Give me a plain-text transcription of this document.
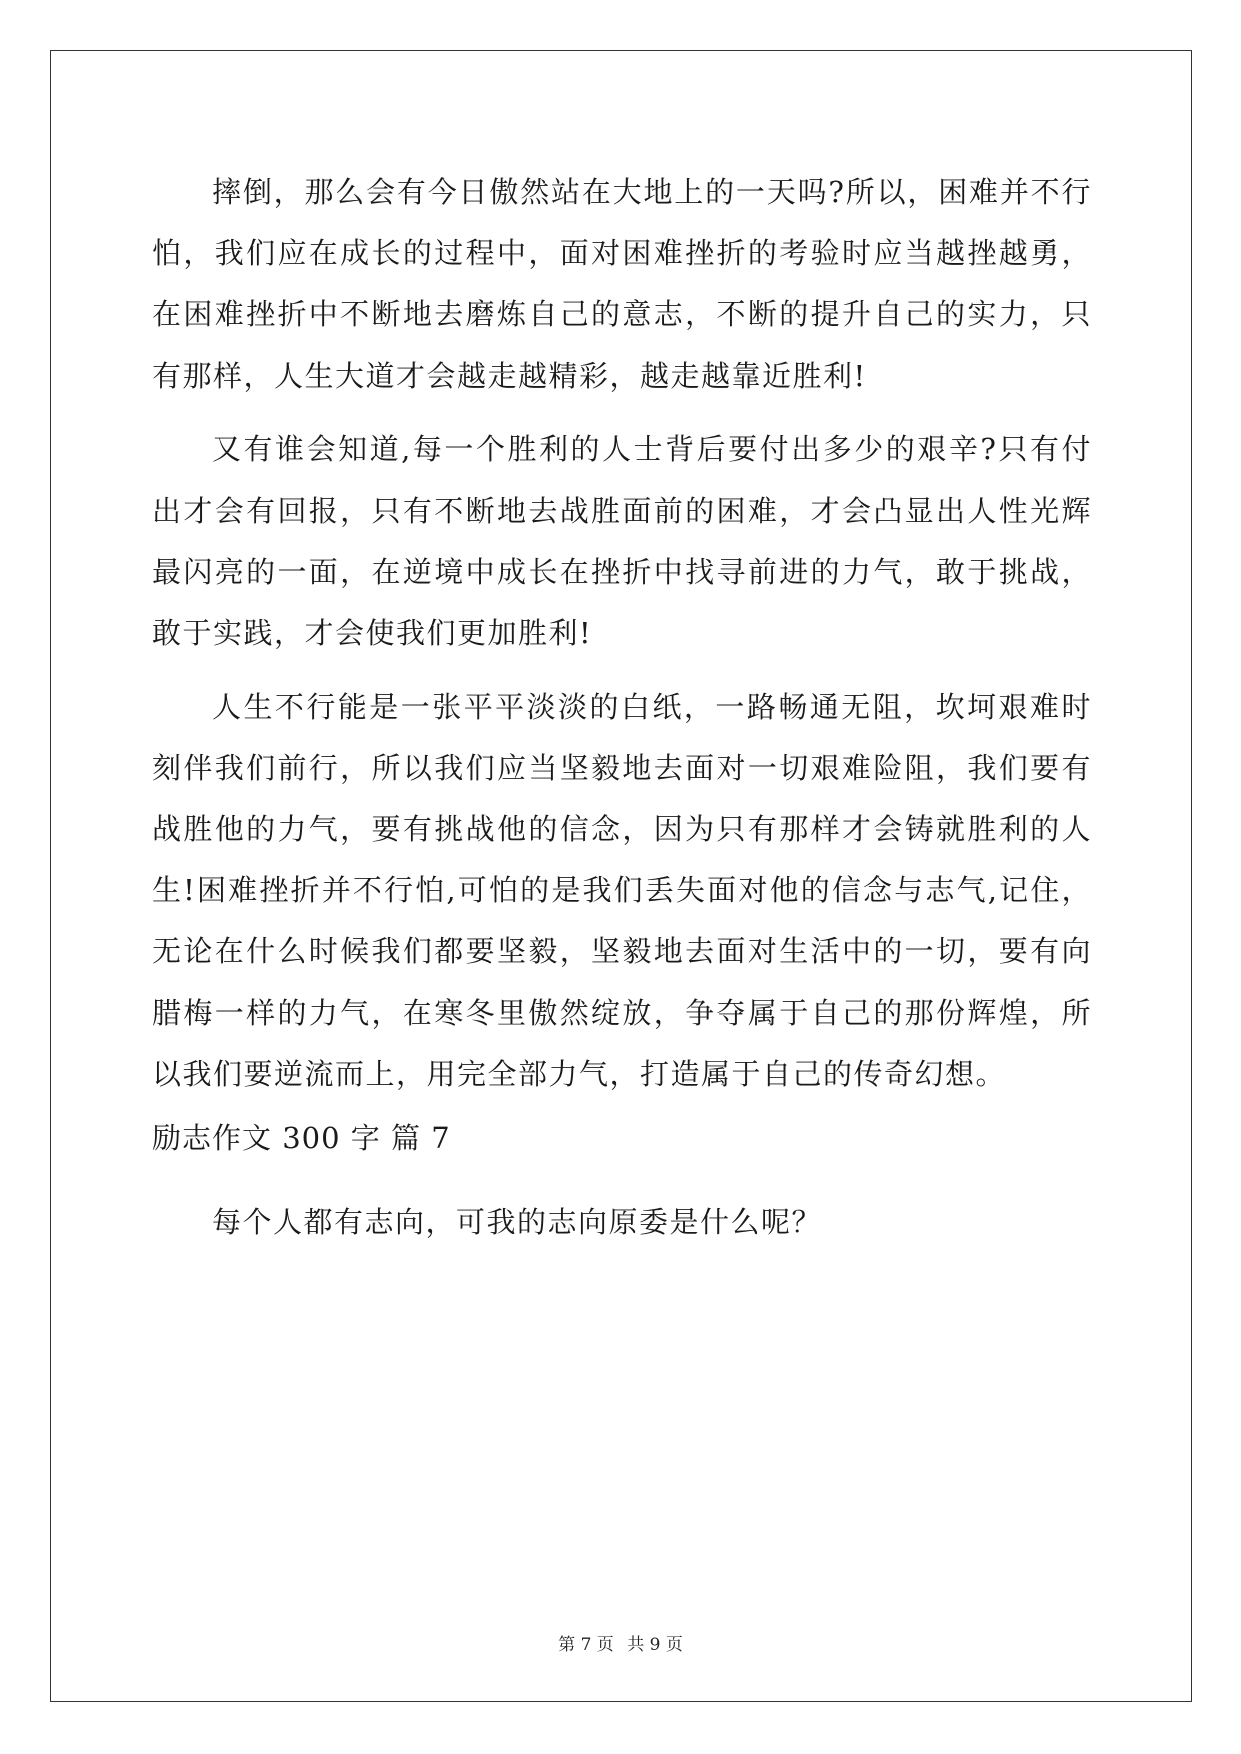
摔倒，那么会有今日傲然站在大地上的一天吗?所以，困难并不行怕，我们应在成长的过程中，面对困难挫折的考验时应当越挫越勇，在困难挫折中不断地去磨炼自己的意志，不断的提升自己的实力，只有那样，人生大道才会越走越精彩，越走越靠近胜利!

又有谁会知道,每一个胜利的人士背后要付出多少的艰辛?只有付出才会有回报，只有不断地去战胜面前的困难，才会凸显出人性光辉最闪亮的一面，在逆境中成长在挫折中找寻前进的力气，敢于挑战，敢于实践，才会使我们更加胜利!

人生不行能是一张平平淡淡的白纸，一路畅通无阻，坎坷艰难时刻伴我们前行，所以我们应当坚毅地去面对一切艰难险阻，我们要有战胜他的力气，要有挑战他的信念，因为只有那样才会铸就胜利的人生!困难挫折并不行怕,可怕的是我们丢失面对他的信念与志气,记住，无论在什么时候我们都要坚毅，坚毅地去面对生活中的一切，要有向腊梅一样的力气，在寒冬里傲然绽放，争夺属于自己的那份辉煌，所以我们要逆流而上，用完全部力气，打造属于自己的传奇幻想。

励志作文 300 字 篇 7

每个人都有志向，可我的志向原委是什么呢？

第 7 页 共 9 页
